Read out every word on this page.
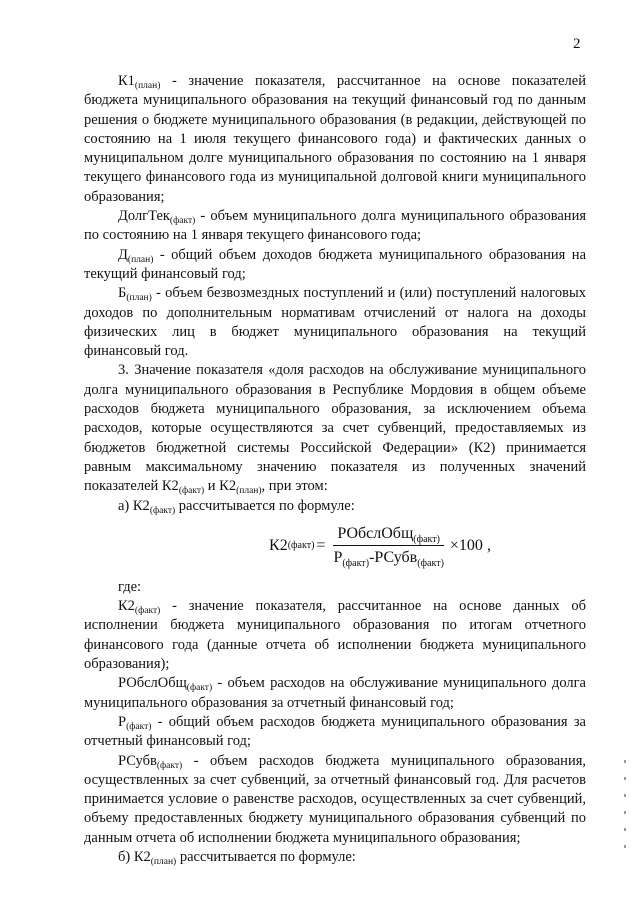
2

$К1_{(план)}$ - значение показателя, рассчитанное на основе показателей бюджета муниципального образования на текущий финансовый год по данным решения о бюджете муниципального образования (в редакции, действующей по состоянию на 1 июля текущего финансового года) и фактических данных о муниципальном долге муниципального образования по состоянию на 1 января текущего финансового года из муниципальной долговой книги муниципального образования;

ДолгТек$_{(факт)}$ - объем муниципального долга муниципального образования по состоянию на 1 января текущего финансового года;

$Д_{(план)}$ - общий объем доходов бюджета муниципального образования на текущий финансовый год;

$Б_{(план)}$ - объем безвозмездных поступлений и (или) поступлений налоговых доходов по дополнительным нормативам отчислений от налога на доходы физических лиц в бюджет муниципального образования на текущий финансовый год.

3. Значение показателя «доля расходов на обслуживание муниципального долга муниципального образования в Республике Мордовия в общем объеме расходов бюджета муниципального образования, за исключением объема расходов, которые осуществляются за счет субвенций, предоставляемых из бюджетов бюджетной системы Российской Федерации» (К2) принимается равным максимальному значению показателя из полученных значений показателей $К2_{(факт)}$ и $К2_{(план)}$, при этом:

а) $К2_{(факт)}$ рассчитывается по формуле:

К2 (факт) = $\frac{РОбслОбщ_{(факт)}}{Р_{(факт)}-РСубв_{(факт)}} \times 100$ ,

где:

$К2_{(факт)}$ - значение показателя, рассчитанное на основе данных об исполнении бюджета муниципального образования по итогам отчетного финансового года (данные отчета об исполнении бюджета муниципального образования);

РОбслОбщ$_{(факт)}$ - объем расходов на обслуживание муниципального долга муниципального образования за отчетный финансовый год;

$Р_{(факт)}$ - общий объем расходов бюджета муниципального образования за отчетный финансовый год;

РСубв$_{(факт)}$ - объем расходов бюджета муниципального образования, осуществленных за счет субвенций, за отчетный финансовый год. Для расчетов принимается условие о равенстве расходов, осуществленных за счет субвенций, объему предоставленных бюджету муниципального образования субвенций по данным отчета об исполнении бюджета муниципального образования;

б) $К2_{(план)}$ рассчитывается по формуле:
